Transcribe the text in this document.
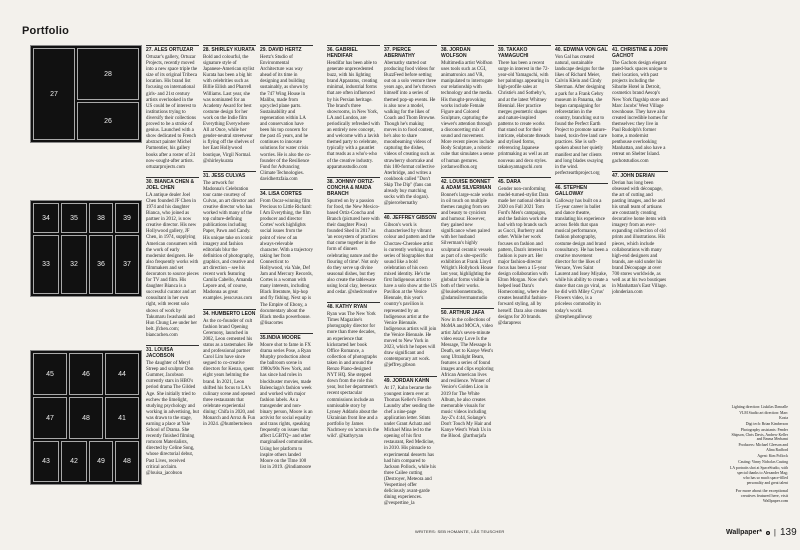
Portfolio
27
28
26
34	35	38	39
33	32	36	37
45	46	44
47	48	41
43	42	49	48
27. ALES ORTUZAR
Ortuzar's gallery, Ortuzar Projects, recently moved into a new space triple the size of its original Tribeca location. His brand list focusing on international girls- and 21st century artists overlooked in the US could be of interest to institutions trying to diversify their collections proved to be a stroke of genius. Launched with a show dedicated to French abstract painter Michel Parmentier, his gallery books after a roster of 24 now-sought-after artists. ortuzarprojects.com
30. BIANCA CHEN & JOEL CHEN
LA antique dealer Joel Chen founded JF Chen in 1974 and his daughter Bianca, who joined as partner in 2012, is now creative director. His new Hollywood gallery, JF Chen, in 1974, supplying American consumers with the work of early modernist designers. He also frequently works with filmmakers and set decorators to source pieces for TV and film. His daughter Bianca is a successful curator and art consultant in her own right, with recent solo shows of work by Takumaru Iwashashi and Hun Chung Lee under her belt. jfchen.com; biancachen.com
31. LOUISA JACOBSON
The daughter of Meryl Streep and sculptor Don Gummer, Jacobson currently stars in HBO's period drama The Gilded Age. She initially tried to eschew the limelight, studying psychology and working in advertising, but was drawn to the stage, earning a place at Yale School of Drama. She recently finished filming romcom Materialists, directed by Celine Song, whose directorial debut, Past Lives, received critical acclaim. @louisa_jacobson
28. SHIRLEY KURATA
Bold and colourful, the signature style of Japanese-American stylist Kurata has been a big hit with celebrities such as Billie Eilish and Pharrell Williams. Last year, she was nominated for an Academy Award for best costume design for her work on the Indie film Everything Everywhere All at Once, while her gender-neutral streetwear is flying off the shelves of her East Hollywood boutique, Virgil Normal. @shirleykurata
31. JESS CULVAS
The artwork for Madonna's Celebration tour came courtesy of Culvas, an art director and creative director who has worked with many of the top culture-defining publications including Paper, Pawn and Candy. His unique take on iconic imagery and fashion editorials blur the definition of photography, graphics, and creative and art direction – see his recent work featuring Camila Cabello, Amanda Lepore and, of course, Madonna as great examples. jesscuvas.com
34. HUMBERTO LEON
As the co-founder of cult fashion brand Opening Ceremony, launched in 2002, Leon cemented his status as a tastemaker. He and professional partner Carol Lim have since segued to co-creative directors for Kenzo, spent eight years helming the brand. In 2021, Leon shifted his focus to LA's culinary scene and opened three restaurants that celebrate experiential dining: Chifa in 2020, and Monarch and Arroz & Fun in 2024. @humbertoleon
29. DAVID HERTZ
Hertz's Studio of Environmental Architecture was way ahead of its time in designing and building sustainably, as shown by the 747 Wing House in Malibu, made from upcycled plane parts. Sustainability and regeneration within LA and conservation have been his top concern for the past 45 years, and he continues to innovate solutions for water crisis worries. He is also the co-founder of the Resilience Fund for Advancing Climate Technologies. davidhertzfaia.com
34. LISA CORTES
From Oscar-winning film Precious to Little Richard: I Am Everything, the film producer and director Cortes' work highlights social issues from the point of view of an always-relevable character. With a trajectory taking her from Connecticut to Hollywood, via Yale, Def Jam and Mercury Records, Cortes is a woman with many interests, including Black literature, hip-hop and fly fishing. Next up is The Empire of Ebony, a documentary about the Black media powerhouse. @lisacortes
35.INDIA MOORE
Moore shot to fame in FX drama series Pose, a Ryan Murphy production about the ballroom scene in 1980s/90s New York, and has since had roles in blockbuster movies, made Balenciaga's fashion week and worked with major fashion labels. As a transgender and non-binary person, Moore is an activist for social equality and trans rights, speaking frequently on issues that affect LGBTQ+ and other marginalised communities. Using her platform to inspire others landed Moore on the Time 100 list in 2019. @indiamoore
36. GABRIEL HENDIFAR
Hendifar has been able to generate unprecedented buzz, with his lighting brand Apparatus, creating minimal, industrial forms that are often influenced by his Persian heritage. The brand's three showrooms, in New York, LA and London, are periodically refreshed with an entirely new concept, and welcome with a lavish themed party to celebrate, typically with a gauntlet that reads as a who's-who of the creative industry. apparatusstudio.com
38. JOHNNY ORTIZ-CONCHA & MAIDA BRANCH
Spurred on by a passion for food, the New Mexico-based Ortiz-Concha and Branch (pictured here with their daughter Piwa) founded Shed in 2017 as 'an ecosystem of practices that come together in the form of dinners celebrating nature and the flouring of time'. Not only do they serve up divine seasonal dishes, but they also create the tableware using local clay, beeswax and cedar. @shedcreative
48. KATHY RYAN
Ryan was The New York Times Magazine's photography director for more than three decades, an experience that kickstarted her book Office Romance, a collection of photographs taken in and around the Renzo Piano-designed NYT HQ. She stepped down from the role this year, but her department's recent spectacular commissions include an unmissable story by Lynsey Addario about the Ukrainian front line and a portfolio by James Nachtwey on 'actors in the wild'. @kathyryan
37. PIERCE ABERNATHY
Abernathy started out producing food videos for BuzzFeed before setting out on a solo venture three years ago, and he's thrown himself into a series of themed pop-up events. He is also now a model, walking for the likes of Coach and Thom Browne. Though he's making moves in to food content, he's also to share moonbeaming videos of capturing the dishes, videos of creating such as strawberry shortcake and this 100-format collective Aterbridge, and writes a cookbook called "Don't Skip The Dip" (fans can already buy matching socks with the slogan). @piercebernathy
40. JEFFREY GIBSON
Gibson's work is characterised by vibrant colour and pattern and the Choctaw-Cherokee artist is currently working on a series of biographies that sound like a bold celebration of his own mixed identity. He's the first Indigenous artist to have a solo show at the US Pavilion at the Venice Biennale, this year's country's pavilion is represented by an Indigenous artist at the Venice Biennale. Indigenous artists will join the Venice Biennale. He moved to New York in 2023, which he hopes will draw significant and contemporary art work. @jeffrey.gibson
49. JORDAN KAHN
At 17, Kahn became the youngest intern ever at Thomas Keller's French Laundry after sending the chef a nine-page application letter. Stints under Grant Achatz and Michael Mina led to the opening of his first restaurant, Red Medicine, in 2010. His pinnacle to experimental desserts has had him compared to Jackson Pollock, while his three Cailee cutting (Destroyer, Meteora and Vespertine) offer deliciously avant-garde dining experiences. @vespertine_la
38. JORDAN WOLFSON
Multimedia artist Wolfson uses tools such as CGI, animatronics and VR, manipulated to interrogate our relationship with technology and the media. His thought-provoking works include Female Figure and Colored Sculpture, capturing the viewer's attention through a disconcerting mix of sound and movement. More recent pieces include Body Sculpture, a robotic cube that simulates a sense of human gestures. jordanwolfson.org
42. LOUISE BONNET & ADAM SILVERMAN
Bonnet's large-scale works in oil touch on multiple themes ranging from sex and beauty to cynicism and humour. However, they gained new significance when paired with her husband Silverman's highly sculptural ceramic vessels as part of a site-specific exhibition at Frank Lloyd Wright's Hollyhock House last year, highlighting the globular forms visible in both of their works. @louisebonnetstudio, @adamsilvermanstudio
50. ARTHUR JAFA
Now in the collections of MoMA and MOCA, video artist Jafa's seven-minute video essay Love Is the Message, The Message Is Death, set to Kanye West's song Ultralight Beam, features a series of found images and clips exploring African American lives and resilience. Winner of Venice's Golden Lion in 2019 for The White Album, he also creates memorable visuals for music videos including Jay-Z's 4:44, Solange's Don't Touch My Hair and Kanye West's Wash Us in the Blood. @arthurjafa
39. TAKAKO YAMAGUCHI
There has been a recent surge in interest in the 72-year-old Yamaguchi, with her paintings appearing in high-profile sales at Christie's and Sotheby's, and at the latest Whitney Biennial. Her practice merges geometric shapes and nature-inspired patterns to create works that stand out for their intricate, elaborate threads and stylised forms, referencing Japanese printmaking as well as art nouveau and deco styles. takakoyamaguchi.com
45. DARA
Gender non-conforming model-turned-stylist Dara made her national debut in 2020 on Fall 2021 Tom Ford's Men's campaigns, and the fashion work she had with top brands such as Gucci, Burberry and other. While her work focuses on fashion and pattern, Dara's interest in fashion is pure art. Her major fashion-director focus has been a 15-year design collaboration with Elton Morgan. Now she's helped lead Dara's Homecoming, where she creates beautiful fashion-forward styling, all by herself. Dara also creates designs for 20 brands. @darapress
40. EDWINA VON GAL
Von Gal has created natural, sustainable landscape designs for the likes of Richard Meier, Calvin Klein and Cindy Sherman. After designing a park for a Frank Gehry museum in Panama, she began campaigning for reforestation in the country, branching out to found the Perfect Earth Project to promote nature-based, toxin-free land care practices. She is soft-spoken about her quietly manifest and her clients and long blades swaying in the wind. perfectearthproject.org
46. STEPHEN GALLOWAY
Galloway has built on a 15-year career in ballet and dance theatre, translating his experience across fields that span musical performance, fashion photography, costume design and brand consultancy. He has been a creative movement director for the likes of Versace, Yves Saint Laurent and Issey Miyake, while his ability to create a dance that can go viral, as he did with Miley Cyrus' Flowers video, is a priceless commodity in today's world. @stephengalloway
41. CHRISTINE & JOHN GACHOT
The Gachots design elegant pared-back spaces unique to their location, with past projects including the Sibarite Hotel in Detroit, cosmetics brand Aesop's New York flagship store and Marc Jacobs' West Village townhouse. They have also created incredible homes for themselves: they live in Paul Rudolph's former home, a modernist penthouse overlooking Manhattan, and also have a retreat on Shelter Island. gachotstudios.com
47. JOHN DERIAN
Derian has long been obsessed with découpage, the art of cutting and pasting images, and he and his small team of artisans are constantly creating decorative home items with imagery from an ever-expanding collection of old prints and illustrations. His pieces, which include collaborations with many high-end designers and brands, are sold under his brand Découpage at over 700 stores worldwide, as well as at his two boutiques in Manhattan's East Village. johnderian.com

Lighting direction: Liukilas Dancalle

VLM Studio art direction: Marc Kosta

Digi tech: Brian Kimberson

Photography assistants: Fender Shipson, Chris Davis, Andrew Keller and Emma Merhami

Producers: Michael Gleeson and Alina Radford

Agent: Kim Pollock

Casting: Vinny Nicholas Casting

LA portraits shot at SpaceStudio, with special thanks to Alexander Mag; who has so much space-filled personality and great talent

For more about the exceptional creatives featured here, visit Wallpaper.com
WRITERS: SEB HOMANTE, LÅS TEUSCHER	Wallpaper*	® | 139
